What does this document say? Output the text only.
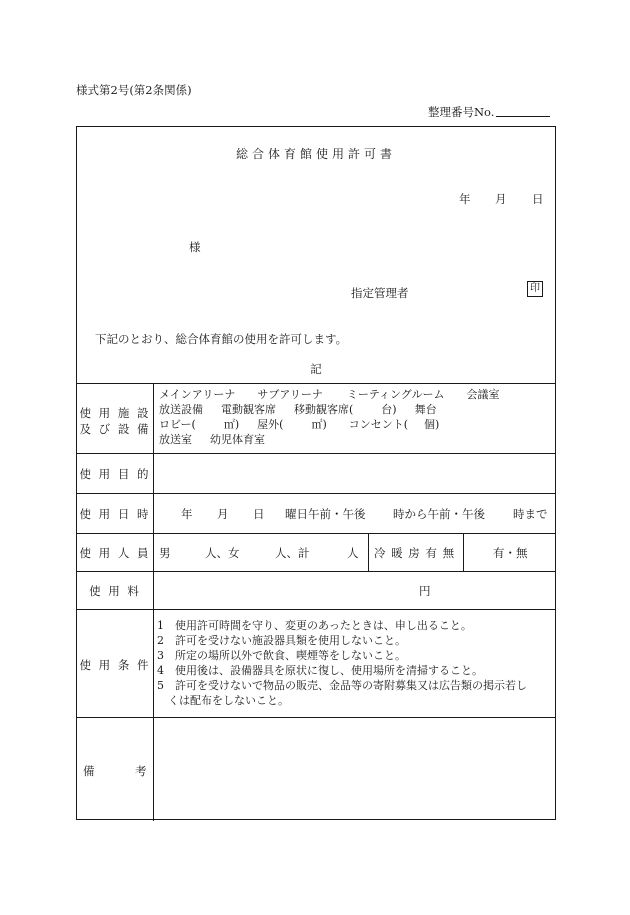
様式第2号(第2条関係)
整理番号No.
総合体育館使用許可書
年 月 日
様
指定管理者	印
下記のとおり、総合体育館の使用を許可します。
記
使 用 施 設
及 び 設 備
メインアリーナ サブアリーナ ミーティングルーム 会議室
放送設備 電動観客席 移動観客席(	台) 舞台
ロビー(	㎡) 屋外(	㎡) コンセント( 個)
放送室 幼児体育室
使 用 目 的
使 用 日 時	年 月 日 曜日午前・午後 時から午前・午後 時まで
使 用 人 員 男	人、女	人、計	人 冷 暖 房 有 無	有・無
使 用 料	円
使 用 条 件
1　使用許可時間を守り、変更のあったときは、申し出ること。
2　許可を受けない施設器具類を使用しないこと。
3　所定の場所以外で飲食、喫煙等をしないこと。
4　使用後は、設備器具を原状に復し、使用場所を清掃すること。
5　許可を受けないで物品の販売、金品等の寄附募集又は広告類の掲示若し
　くは配布をしないこと。
備	考
